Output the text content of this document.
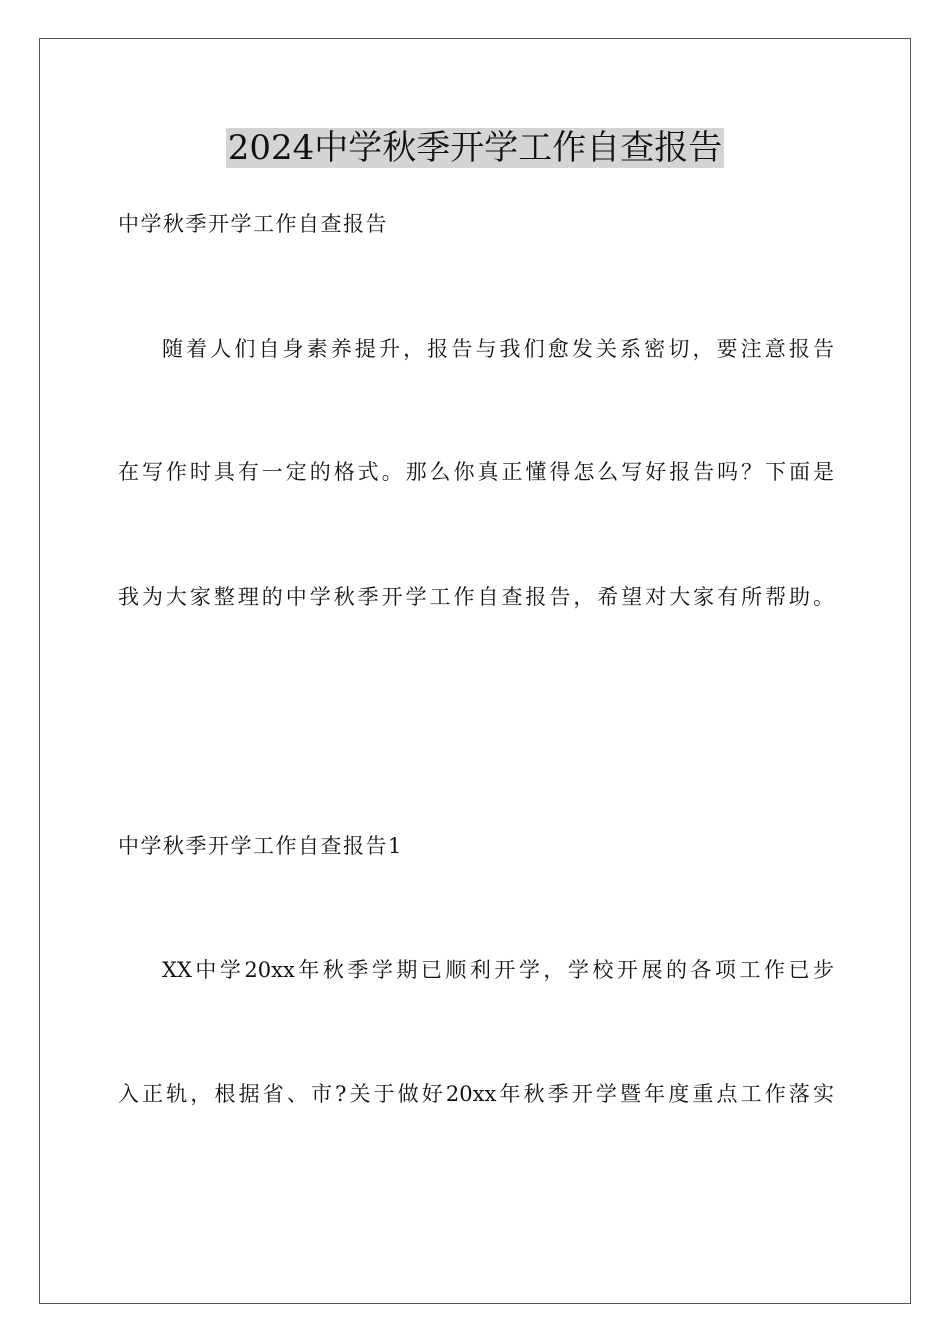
2024中学秋季开学工作自查报告

中学秋季开学工作自查报告

随着人们自身素养提升，报告与我们愈发关系密切，要注意报告

在写作时具有一定的格式。那么你真正懂得怎么写好报告吗？下面是

我为大家整理的中学秋季开学工作自查报告，希望对大家有所帮助。

中学秋季开学工作自查报告1

XX中学20xx年秋季学期已顺利开学，学校开展的各项工作已步

入正轨，根据省、市?关于做好20xx年秋季开学暨年度重点工作落实
